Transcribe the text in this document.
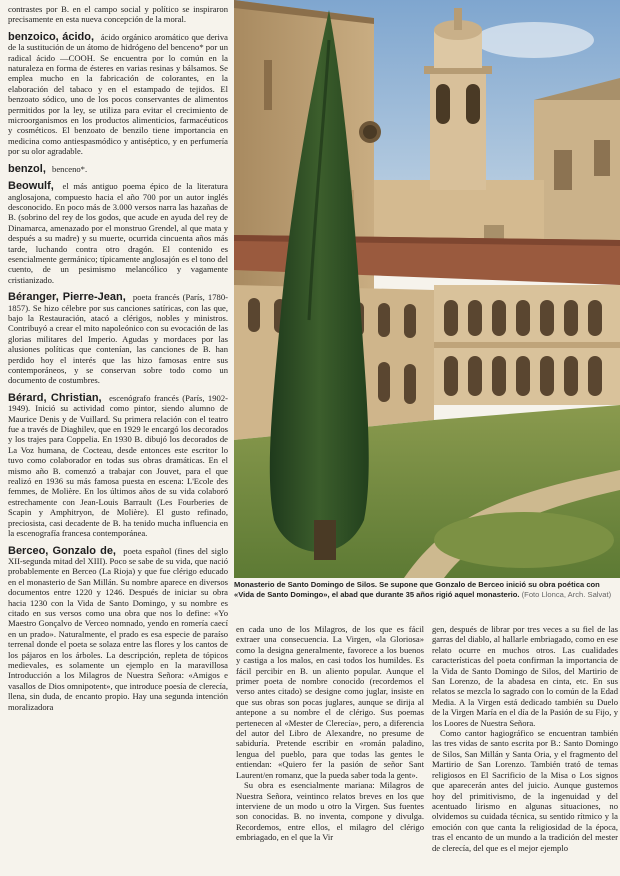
contrastes por B. en el campo social y político se inspiraron precisamente en esta nueva concepción de la moral.

benzoico, ácido, ácido orgánico aromático que deriva de la sustitución de un átomo de hidrógeno del benceno* por un radical ácido —COOH. Se encuentra por lo común en la naturaleza en forma de ésteres en varias resinas y bálsamos. Se emplea mucho en la fabricación de colorantes, en la elaboración del tabaco y en el estampado de tejidos. El benzoato sódico, uno de los pocos conservantes de alimentos permitidos por la ley, se utiliza para evitar el crecimiento de microorganismos en los productos alimenticios, farmacéuticos y cosméticos. El benzoato de benzilo tiene importancia en medicina como antiespasmódico y antiséptico, y en perfumería por su olor agradable.
benzol, benceno*.
Beowulf, el más antiguo poema épico de la literatura anglosajona, compuesto hacia el año 700 por un autor inglés desconocido. En poco más de 3.000 versos narra las hazañas de B. (sobrino del rey de los godos, que acude en ayuda del rey de Dinamarca, amenazado por el monstruo Grendel, al que mata y después a su madre) y su muerte, ocurrida cincuenta años más tarde, luchando contra otro dragón. El contenido es esencialmente germánico; típicamente anglosajón es el tono del cuento, de un pesimismo melancólico y vagamente cristianizado.
Béranger, Pierre-Jean, poeta francés (París, 1780-1857). Se hizo célebre por sus canciones satíricas, con las que, bajo la Restauración, atacó a clérigos, nobles y ministros. Contribuyó a crear el mito napoleónico con su evocación de las glorias militares del Imperio. Agudas y mordaces por las alusiones políticas que contenían, las canciones de B. han perdido hoy el interés que las hizo famosas entre sus contemporáneos, y se conservan sobre todo como un documento de costumbres.
Bérard, Christian, escenógrafo francés (París, 1902-1949). Inició su actividad como pintor, siendo alumno de Maurice Denis y de Vuillard. Su primera relación con el teatro fue a través de Diaghilev, que en 1929 le encargó los decorados y los trajes para Coppelia. En 1930 B. dibujó los decorados de La Voz humana, de Cocteau, desde entonces este escritor lo tuvo como colaborador en todas sus obras dramáticas. En el mismo año B. comenzó a trabajar con Jouvet, para el que realizó en 1936 su más famosa puesta en escena: L'Ecole des femmes, de Molière. En los últimos años de su vida colaboró estrechamente con Jean-Louis Barrault (Les Fourberies de Scapin y Amphitryon, de Molière). El gusto refinado, preciosista, casi decadente de B. ha tenido mucha influencia en la escenografía francesa contemporánea.
Berceo, Gonzalo de, poeta español (fines del siglo XII-segunda mitad del XIII). Poco se sabe de su vida, que nació probablemente en Berceo (La Rioja) y que fue clérigo educado en el monasterio de San Millán. Su nombre aparece en diversos documentos entre 1220 y 1246. Después de iniciar su obra hacia 1230 con la Vida de Santo Domingo, y su nombre es citado en sus versos como una obra que nos lo define: «Yo Maestro Gonçalvo de Verceo nomnado, yendo en romería caecí en un prado». Naturalmente, el prado es esa especie de paraíso terrenal donde el poeta se solaza entre las flores y los cantos de los pájaros en los árboles. La descripción, repleta de tópicos medievales, es solamente un ejemplo en la maravillosa Introducción a los Milagros de Nuestra Señora: «Amigos e vasallos de Dios omnipotent», que introduce poesía de clerecía, llena, sin duda, de encanto propio. Hay una segunda intención moralizadora
Monasterio de Santo Domingo de Silos. Se supone que Gonzalo de Berceo inició su obra poética con «Vida de Santo Domingo», el abad que durante 35 años rigió aquel monasterio. (Foto Llonca, Arch. Salvat)

en cada uno de los Milagros, de los que es fácil extraer una consecuencia. La Virgen, «la Gloriosa» como la designa generalmente, favorece a los buenos y castiga a los malos, en casi todos los humildes. Es fácil percibir en B. un aliento popular. Aunque el primer poeta de nombre conocido (recordemos el verso antes citado) se designe como juglar, insiste en que sus obras son pocas juglares, aunque se dirija al antepone a su nombre el de clérigo. Sus poemas pertenecen al «Mester de Clerecía», pero, a diferencia del autor del Libro de Alexandre, no presume de sabiduría. Pretende escribir en «román paladino, lengua del pueblo, para que todas las gentes le entiendan: «Quiero fer la pasión de señor Sant Laurent/en romanz, que la pueda saber toda la gent».

Su obra es esencialmente mariana: Milagros de Nuestra Señora, veintinco relatos breves en los que interviene de un modo u otro la Virgen. Sus fuentes son conocidas. B. no inventa, compone y divulga. Recordemos, entre ellos, el milagro del clérigo embriagado, en el que la Vir

gen, después de librar por tres veces a su fiel de las garras del diablo, al hallarle embriagado, como en ese relato ocurre en muchos otros. Las cualidades características del poeta confirman la importancia de la Vida de Santo Domingo de Silos, del Martirio de San Lorenzo, de la abadesa en cinta, etc. En sus relatos se mezcla lo sagrado con lo común de la Edad Media. A la Virgen está dedicado también su Duelo de la Virgen María en el día de la Pasión de su Fijo, y los Loores de Nuestra Señora.

Como cantor hagiográfico se encuentran también las tres vidas de santo escrita por B.: Santo Domingo de Silos, San Millán y Santa Oria, y el fragmento del Martirio de San Lorenzo. También trató de temas religiosos en El Sacrificio de la Misa o Los signos que aparecerán antes del juicio. Aunque gustemos hoy del primitivismo, de la ingenuidad y del acentuado lirismo en algunas situaciones, no olvidemos su cuidada técnica, su sentido rítmico y la emoción con que canta la religiosidad de la época, tras el encanto de un mundo a la tradición del mester de clerecía, del que es el mejor ejemplo
